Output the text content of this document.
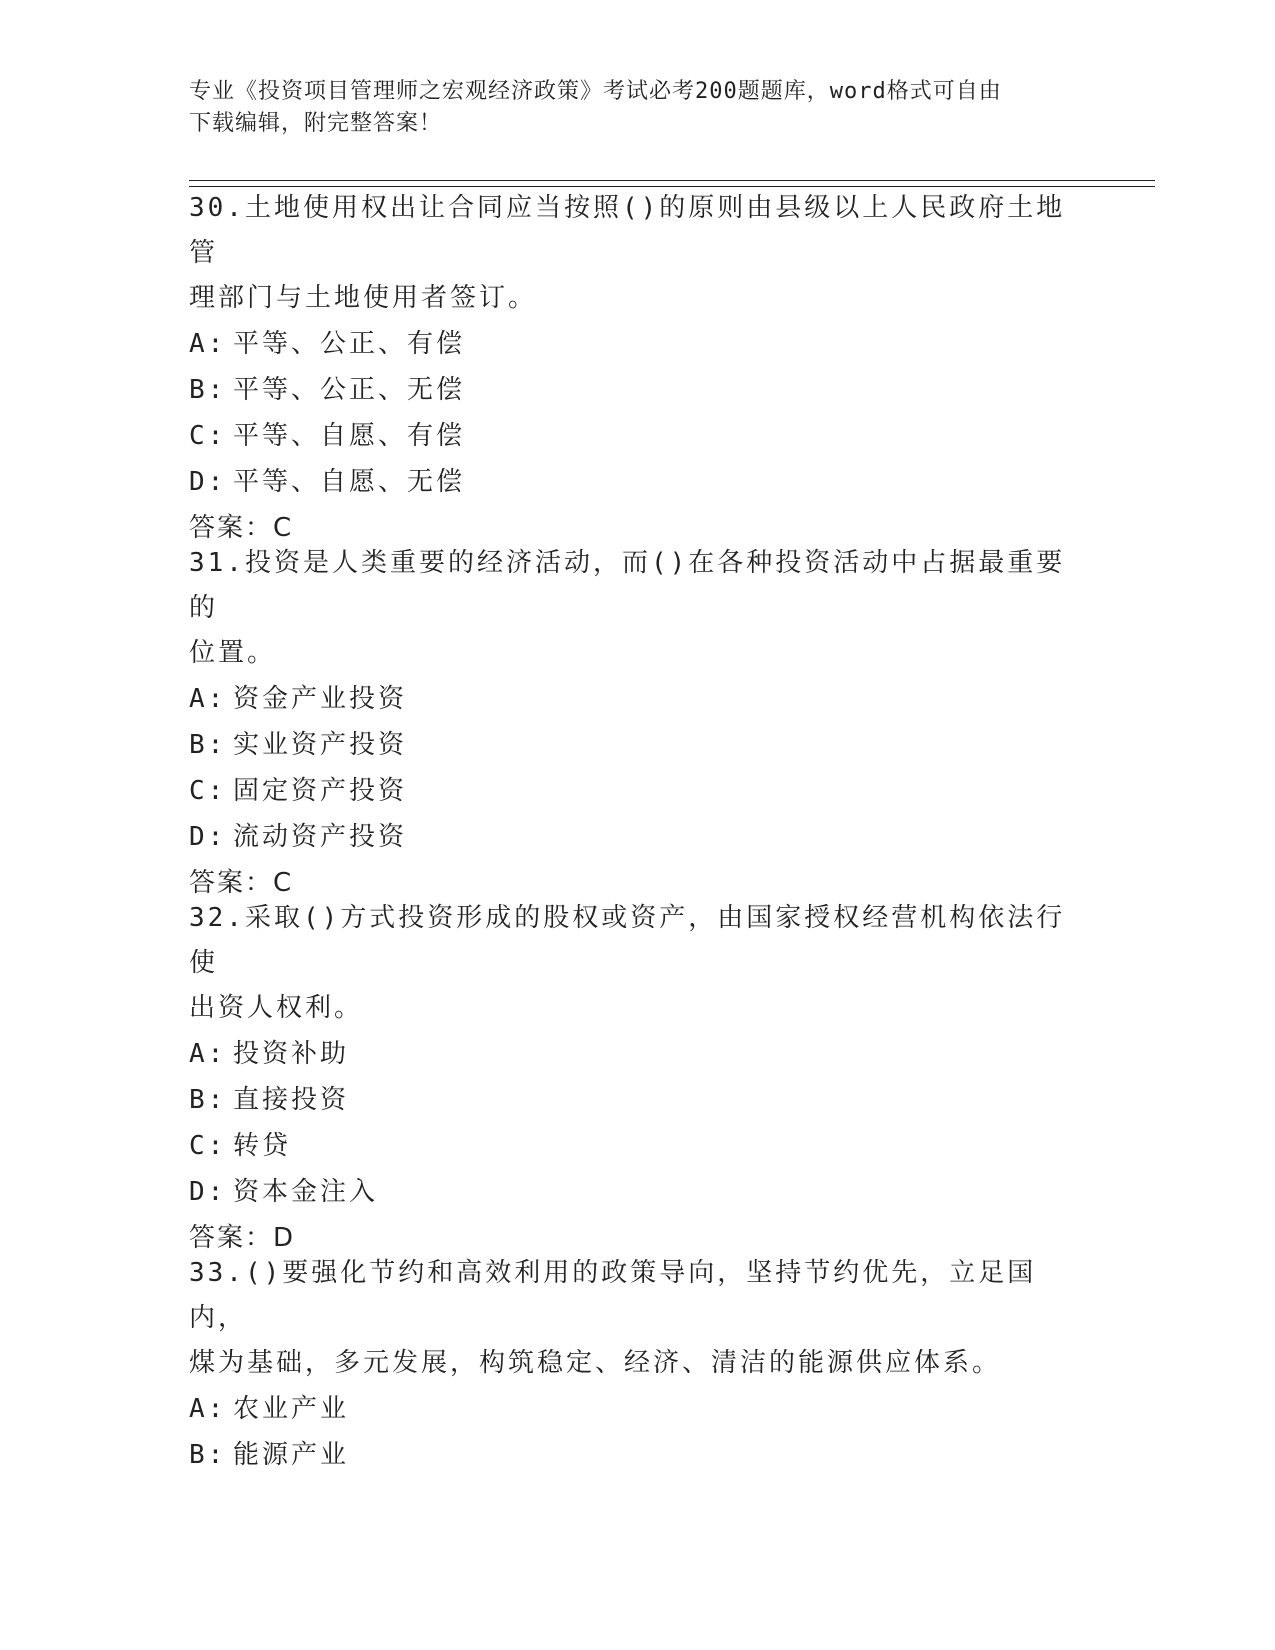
专业《投资项目管理师之宏观经济政策》考试必考200题题库，word格式可自由
下载编辑，附完整答案！

30.土地使用权出让合同应当按照()的原则由县级以上人民政府土地管

理部门与土地使用者签订。

A: 平等、公正、有偿

B: 平等、公正、无偿

C: 平等、自愿、有偿

D: 平等、自愿、无偿

答案：C

31.投资是人类重要的经济活动，而()在各种投资活动中占据最重要的

位置。

A: 资金产业投资

B: 实业资产投资

C: 固定资产投资

D: 流动资产投资

答案：C

32.采取()方式投资形成的股权或资产，由国家授权经营机构依法行使

出资人权利。

A: 投资补助

B: 直接投资

C: 转贷

D: 资本金注入

答案：D

33.()要强化节约和高效利用的政策导向，坚持节约优先，立足国内，

煤为基础，多元发展，构筑稳定、经济、清洁的能源供应体系。

A: 农业产业

B: 能源产业
